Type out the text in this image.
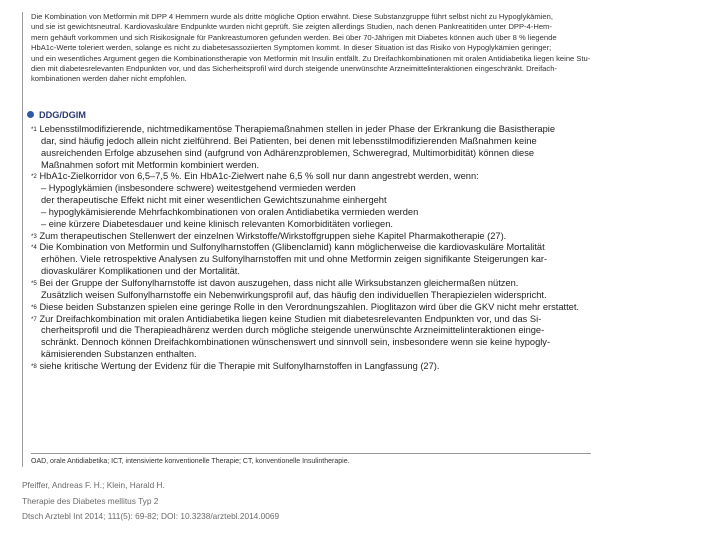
Die Kombination von Metformin mit DPP 4 Hemmern wurde als dritte mögliche Option erwähnt. Diese Substanzgruppe führt selbst nicht zu Hypoglykämien,
und sie ist gewichtsneutral. Kardiovaskuläre Endpunkte wurden nicht geprüft. Sie zeigten allerdings Studien, nach denen Pankreatitiden unter DPP-4-Hem-
mern gehäuft vorkommen und sich Risikosignale für Pankreastumoren gefunden werden. Bei über 70-Jährigen mit Diabetes können auch über 8 % liegende
HbA1c-Werte toleriert werden, solange es nicht zu diabetesassoziierten Symptomen kommt. In dieser Situation ist das Risiko von Hypoglykämien geringer;
und ein wesentliches Argument gegen die Kombinationstherapie von Metformin mit Insulin entfällt. Zu Dreifachkombinationen mit oralen Antidiabetika liegen keine Stu-
dien mit diabetesrelevanten Endpunkten vor, und das Sicherheitsprofil wird durch steigende unerwünschte Arzneimittelinteraktionen eingeschränkt. Dreifach-
kombinationen werden daher nicht empfohlen.
DDG/DGIM
$^{*1}$ Lebensstilmodifizierende, nichtmedikamentöse Therapiemaßnahmen stellen in jeder Phase der Erkrankung die Basistherapie
dar, sind häufig jedoch allein nicht zielführend. Bei Patienten, bei denen mit lebensstilmodifizierenden Maßnahmen keine
ausreichenden Erfolge abzusehen sind (aufgrund von Adhärenzproblemen, Schweregrad, Multimorbidität) können diese
Maßnahmen sofort mit Metformin kombiniert werden.
$^{*2}$ HbA1c-Zielkorridor von 6,5–7,5 %. Ein HbA1c-Zielwert nahe 6,5 % soll nur dann angestrebt werden, wenn:
– Hypoglykämien (insbesondere schwere) weitestgehend vermieden werden
der therapeutische Effekt nicht mit einer wesentlichen Gewichtszunahme einhergeht
– hypoglykämisierende Mehrfachkombinationen von oralen Antidiabetika vermieden werden
– eine kürzere Diabetesdauer und keine klinisch relevanten Komorbiditäten vorliegen.
$^{*3}$ Zum therapeutischen Stellenwert der einzelnen Wirkstoffe/Wirkstoffgruppen siehe Kapitel Pharmakotherapie (27).
$^{*4}$ Die Kombination von Metformin und Sulfonylharnstoffen (Glibenclamid) kann möglicherweise die kardiovaskuläre Mortalität
erhöhen. Viele retrospektive Analysen zu Sulfonylharnstoffen mit und ohne Metformin zeigen signifikante Steigerungen kar-
diovaskulärer Komplikationen und der Mortalität.
$^{*5}$ Bei der Gruppe der Sulfonylharnstoffe ist davon auszugehen, dass nicht alle Wirksubstanzen gleichermaßen nützen.
Zusätzlich weisen Sulfonylharnstoffe ein Nebenwirkungsprofil auf, das häufig den individuellen Therapiezielen widerspricht.
$^{*6}$ Diese beiden Substanzen spielen eine geringe Rolle in den Verordnungszahlen. Pioglitazon wird über die GKV nicht mehr erstattet.
$^{*7}$ Zur Dreifachkombination mit oralen Antidiabetika liegen keine Studien mit diabetesrelevanten Endpunkten vor, und das Si-
cherheitsprofil und die Therapieadhärenz werden durch mögliche steigende unerwünschte Arzneimittelinteraktionen einge-
schränkt. Dennoch können Dreifachkombinationen wünschenswert und sinnvoll sein, insbesondere wenn sie keine hypogly-
kämisierenden Substanzen enthalten.
$^{*8}$ siehe kritische Wertung der Evidenz für die Therapie mit Sulfonylharnstoffen in Langfassung (27).
OAD, orale Antidiabetika; ICT, intensivierte konventionelle Therapie; CT, konventionelle Insulintherapie.
Pfeiffer, Andreas F. H.; Klein, Harald H.
Therapie des Diabetes mellitus Typ 2
Dtsch Arztebl Int 2014; 111(5): 69-82; DOI: 10.3238/arztebl.2014.0069
